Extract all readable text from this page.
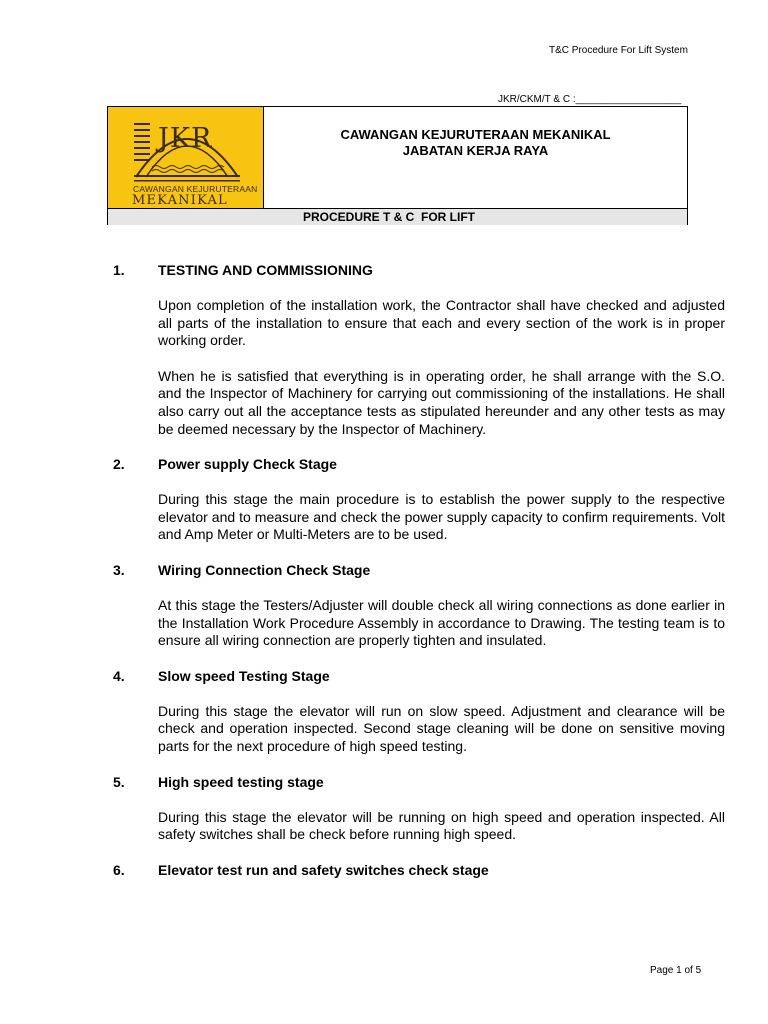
T&C Procedure For Lift System
JKR/CKM/T & C :___________________
JKR
CAWANGAN KEJURUTERAAN
MEKANIKAL
CAWANGAN KEJURUTERAAN MEKANIKAL
JABATAN KERJA RAYA
PROCEDURE T & C  FOR LIFT
1.	TESTING AND COMMISSIONING

Upon completion of the installation work, the Contractor shall have checked and adjusted all parts of the installation to ensure that each and every section of the work is in proper working order.

When he is satisfied that everything is in operating order, he shall arrange with the S.O. and the Inspector of Machinery for carrying out commissioning of the installations. He shall also carry out all the acceptance tests as stipulated hereunder and any other tests as may be deemed necessary by the Inspector of Machinery.

2.	Power supply Check Stage

During this stage the main procedure is to establish the power supply to the respective elevator and to measure and check the power supply capacity to confirm requirements. Volt and Amp Meter or Multi-Meters are to be used.

3.	Wiring Connection Check Stage

At this stage the Testers/Adjuster will double check all wiring connections as done earlier in the Installation Work Procedure Assembly in accordance to Drawing. The testing team is to ensure all wiring connection are properly tighten and insulated.

4.	Slow speed Testing Stage

During this stage the elevator will run on slow speed. Adjustment and clearance will be check and operation inspected. Second stage cleaning will be done on sensitive moving parts for the next procedure of high speed testing.

5.	High speed testing stage

During this stage the elevator will be running on high speed and operation inspected. All safety switches shall be check before running high speed.

6.	Elevator test run and safety switches check stage
Page 1 of 5
